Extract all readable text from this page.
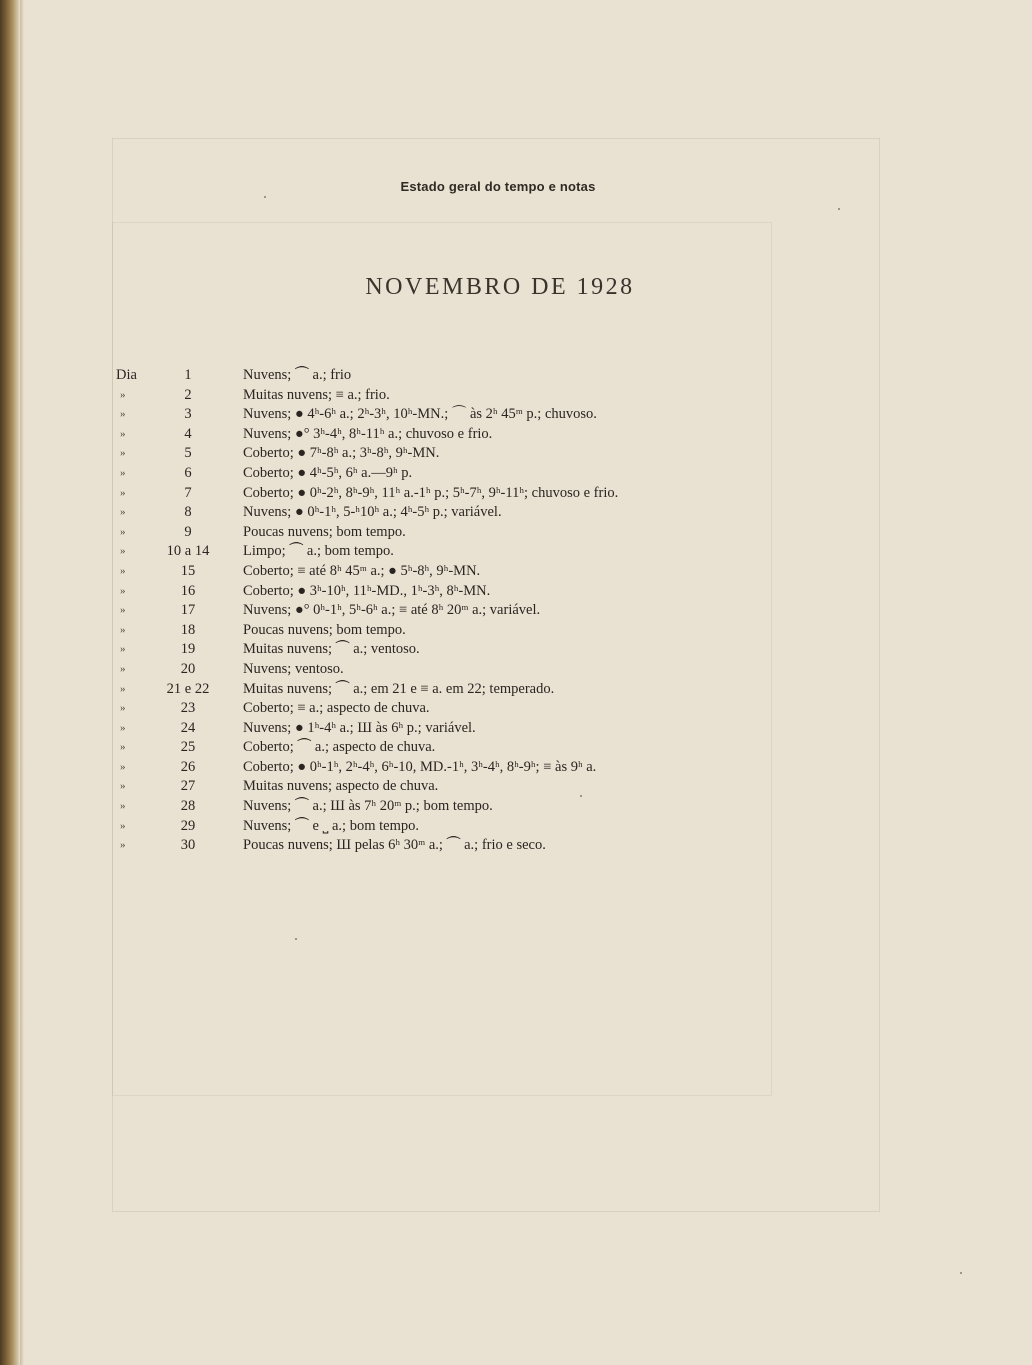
Estado geral do tempo e notas
NOVEMBRO DE 1928
Dia	1	Nuvens; ⏜ a.; frio
»	2	Muitas nuvens; ≡ a.; frio.
»	3	Nuvens; ● 4ʰ-6ʰ a.; 2ʰ-3ʰ, 10ʰ-MN.; ⌒ às 2ʰ 45ᵐ p.; chuvoso.
»	4	Nuvens; ●° 3ʰ-4ʰ, 8ʰ-11ʰ a.; chuvoso e frio.
»	5	Coberto; ● 7ʰ-8ʰ a.; 3ʰ-8ʰ, 9ʰ-MN.
»	6	Coberto; ● 4ʰ-5ʰ, 6ʰ a.—9ʰ p.
»	7	Coberto; ● 0ʰ-2ʰ, 8ʰ-9ʰ, 11ʰ a.-1ʰ p.; 5ʰ-7ʰ, 9ʰ-11ʰ; chuvoso e frio.
»	8	Nuvens; ● 0ʰ-1ʰ, 5-ʰ10ʰ a.; 4ʰ-5ʰ p.; variável.
»	9	Poucas nuvens; bom tempo.
»	10 a 14	Limpo; ⏜ a.; bom tempo.
»	15	Coberto; ≡ até 8ʰ 45ᵐ a.; ● 5ʰ-8ʰ, 9ʰ-MN.
»	16	Coberto; ● 3ʰ-10ʰ, 11ʰ-MD., 1ʰ-3ʰ, 8ʰ-MN.
»	17	Nuvens; ●° 0ʰ-1ʰ, 5ʰ-6ʰ a.; ≡ até 8ʰ 20ᵐ a.; variável.
»	18	Poucas nuvens; bom tempo.
»	19	Muitas nuvens; ⏜ a.; ventoso.
»	20	Nuvens; ventoso.
»	21 e 22	Muitas nuvens; ⏜ a.; em 21 e ≡ a. em 22; temperado.
»	23	Coberto; ≡ a.; aspecto de chuva.
»	24	Nuvens; ● 1ʰ-4ʰ a.; Ш às 6ʰ p.; variável.
»	25	Coberto; ⏜ a.; aspecto de chuva.
»	26	Coberto; ● 0ʰ-1ʰ, 2ʰ-4ʰ, 6ʰ-10, MD.-1ʰ, 3ʰ-4ʰ, 8ʰ-9ʰ; ≡ às 9ʰ a.
»	27	Muitas nuvens; aspecto de chuva.
»	28	Nuvens; ⏜ a.; Ш às 7ʰ 20ᵐ p.; bom tempo.
»	29	Nuvens; ⏜ e ⎵ a.; bom tempo.
»	30	Poucas nuvens; Ш pelas 6ʰ 30ᵐ a.; ⏜ a.; frio e seco.
